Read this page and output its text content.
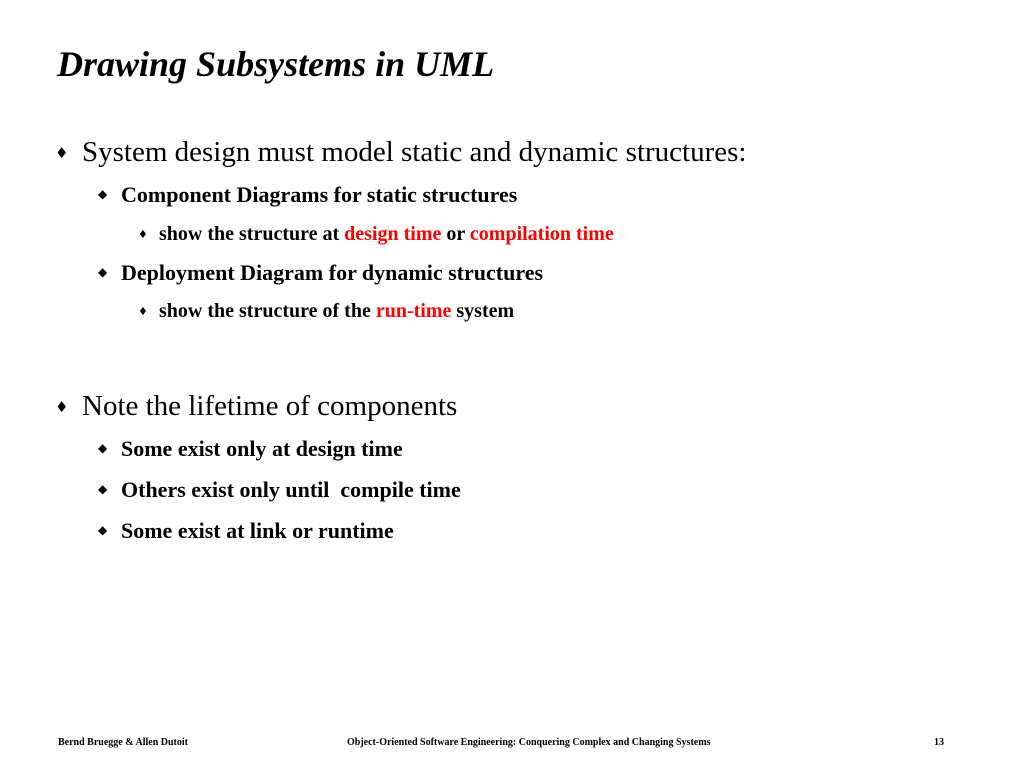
Drawing Subsystems in UML
♦ System design must model static and dynamic structures:
◆ Component Diagrams for static structures
♦ show the structure at design time or compilation time
◆ Deployment Diagram for dynamic structures
♦ show the structure of the run-time system
♦ Note the lifetime of components
◆ Some exist only at design time
◆ Others exist only until  compile time
◆ Some exist at link or runtime
Bernd Bruegge & Allen Dutoit	Object-Oriented Software Engineering: Conquering Complex and Changing Systems	13
